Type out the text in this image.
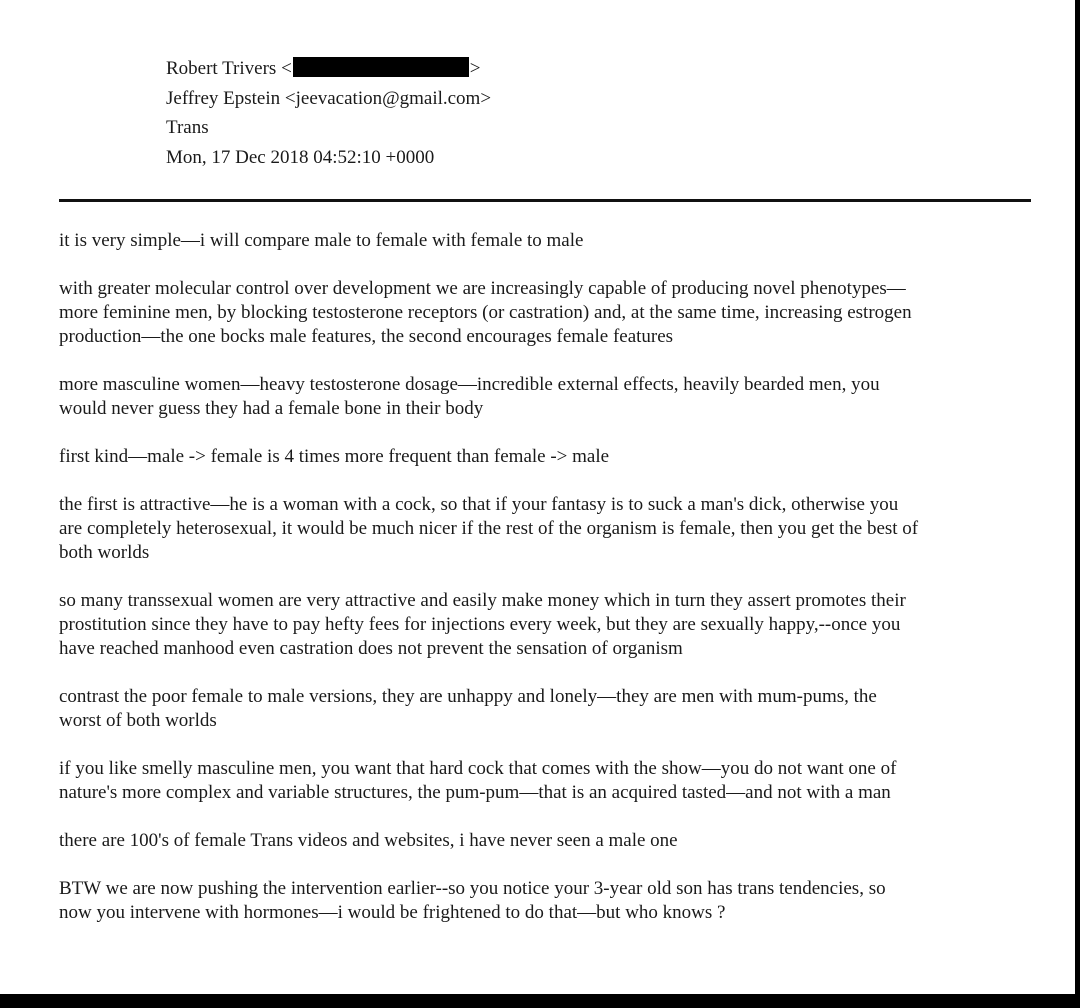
Robert Trivers <	>
Jeffrey Epstein <jeevacation@gmail.com>
Trans
Mon, 17 Dec 2018 04:52:10 +0000

it is very simple—i will compare male to female with female to male

with greater molecular control over development we are increasingly capable of producing novel phenotypes—
more feminine men, by blocking testosterone receptors (or castration) and, at the same time, increasing estrogen
production—the one bocks male features, the second encourages female features

more masculine women—heavy testosterone dosage—incredible external effects, heavily bearded men, you
would never guess they had a female bone in their body

first kind—male -> female is 4 times more frequent than female -> male

the first is attractive—he is a woman with a cock, so that if your fantasy is to suck a man's dick, otherwise you
are completely heterosexual, it would be much nicer if the rest of the organism is female, then you get the best of
both worlds

so many transsexual women are very attractive and easily make money which in turn they assert promotes their
prostitution since they have to pay hefty fees for injections every week, but they are sexually happy,--once you
have reached manhood even castration does not prevent the sensation of organism

contrast the poor female to male versions, they are unhappy and lonely—they are men with mum-pums, the
worst of both worlds

if you like smelly masculine men, you want that hard cock that comes with the show—you do not want one of
nature's more complex and variable structures, the pum-pum—that is an acquired tasted—and not with a man

there are 100's of female Trans videos and websites, i have never seen a male one

BTW we are now pushing the intervention earlier--so you notice your 3-year old son has trans tendencies, so
now you intervene with hormones—i would be frightened to do that—but who knows ?
